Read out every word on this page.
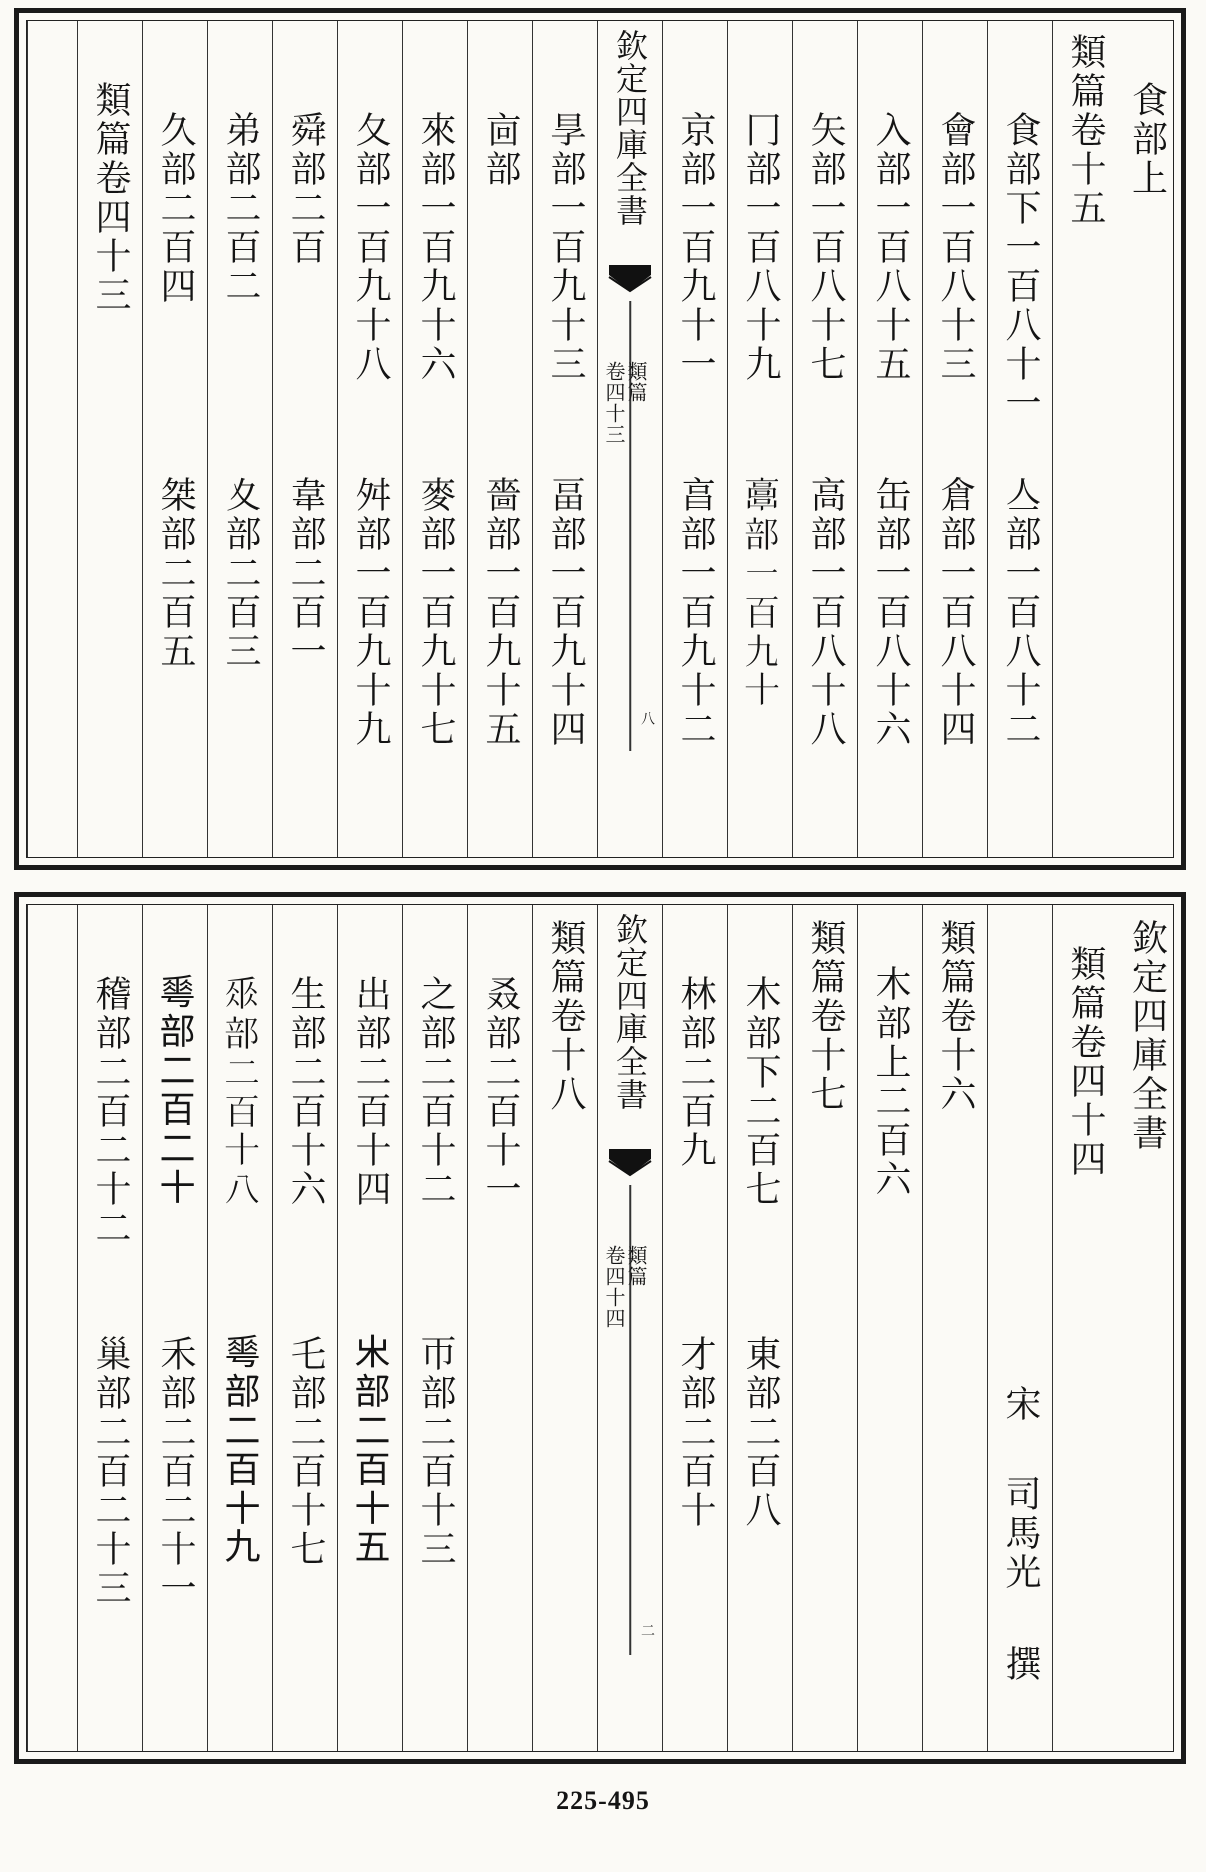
食部上
類篇卷十五
食部下一百八十一
亼部一百八十二
會部一百八十三
倉部一百八十四
入部一百八十五
缶部一百八十六
矢部一百八十七
高部一百八十八
冂部一百八十九
𩫖部一百九十
京部一百九十一
亯部一百九十二
欽定四庫全書
類篇
卷四十三
八
㫗部一百九十三
畐部一百九十四
㐭部
嗇部一百九十五
來部一百九十六
麥部一百九十七
夂部一百九十八
舛部一百九十九
舜部二百
韋部二百一
弟部二百二
夊部二百三
久部二百四
桀部二百五
類篇卷四十三
欽定四庫全書
類篇卷四十四
宋
司馬光
撰
類篇卷十六
木部上二百六
類篇卷十七
木部下二百七
東部二百八
林部二百九
才部二百十
欽定四庫全書
類篇
卷四十四
二
類篇卷十八
叒部二百十一
之部二百十二
帀部二百十三
出部二百十四
𣎵部二百十五
生部二百十六
乇部二百十七
𠂹部二百十八
𠌶部二百十九
𠌶部二百二十
禾部二百二十一
稽部二百二十二
巢部二百二十三
225-495
